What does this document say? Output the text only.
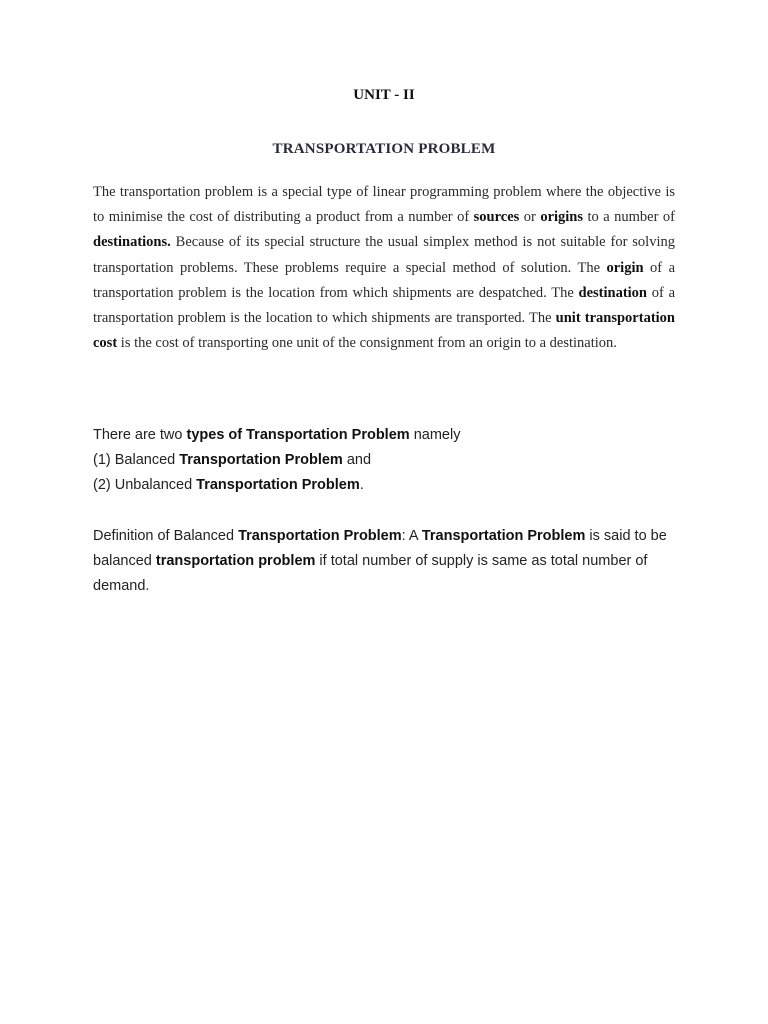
UNIT - II
TRANSPORTATION PROBLEM

The transportation problem is a special type of linear programming problem where the objective is to minimise the cost of distributing a product from a number of sources or origins to a number of destinations. Because of its special structure the usual simplex method is not suitable for solving transportation problems. These problems require a special method of solution. The origin of a transportation problem is the location from which shipments are despatched. The destination of a transportation problem is the location to which shipments are transported. The unit transportation cost is the cost of transporting one unit of the consignment from an origin to a destination.

There are two types of Transportation Problem namely
(1) Balanced Transportation Problem and
(2) Unbalanced Transportation Problem.

Definition of Balanced Transportation Problem: A Transportation Problem is said to be balanced transportation problem if total number of supply is same as total number of demand.
